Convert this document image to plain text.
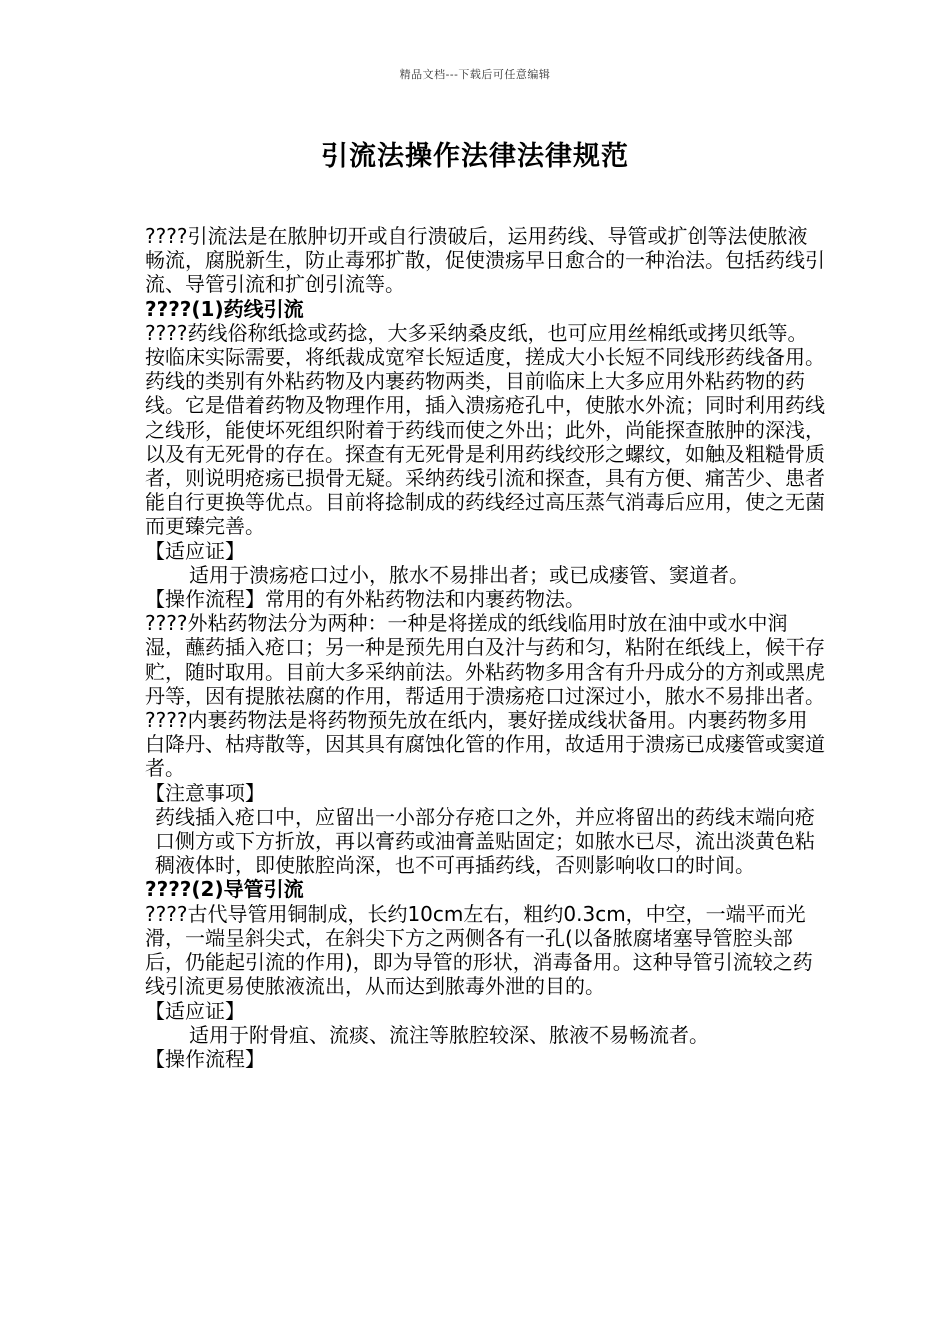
精品文档---下载后可任意编辑
引流法操作法律法律规范

????引流法是在脓肿切开或自行溃破后，运用药线、导管或扩创等法使脓液畅流，腐脱新生，防止毒邪扩散，促使溃疡早日愈合的一种治法。包括药线引流、导管引流和扩创引流等。

????(1)药线引流

????药线俗称纸捻或药捻，大多采纳桑皮纸，也可应用丝棉纸或拷贝纸等。按临床实际需要，将纸裁成宽窄长短适度，搓成大小长短不同线形药线备用。药线的类别有外粘药物及内裹药物两类，目前临床上大多应用外粘药物的药线。它是借着药物及物理作用，插入溃疡疮孔中，使脓水外流；同时利用药线之线形，能使坏死组织附着于药线而使之外出；此外，尚能探查脓肿的深浅，以及有无死骨的存在。探查有无死骨是利用药线绞形之螺纹，如触及粗糙骨质者，则说明疮疡已损骨无疑。采纳药线引流和探查，具有方便、痛苦少、患者能自行更换等优点。目前将捻制成的药线经过高压蒸气消毒后应用，使之无菌而更臻完善。

【适应证】

适用于溃疡疮口过小，脓水不易排出者；或已成瘘管、窦道者。

【操作流程】常用的有外粘药物法和内裹药物法。

????外粘药物法分为两种：一种是将搓成的纸线临用时放在油中或水中润湿，蘸药插入疮口；另一种是预先用白及汁与药和匀，粘附在纸线上，候干存贮，随时取用。目前大多采纳前法。外粘药物多用含有升丹成分的方剂或黑虎丹等，因有提脓祛腐的作用，帮适用于溃疡疮口过深过小，脓水不易排出者。

????内裹药物法是将药物预先放在纸内，裹好搓成线状备用。内裹药物多用白降丹、枯痔散等，因其具有腐蚀化管的作用，故适用于溃疡已成瘘管或窦道者。

【注意事项】

药线插入疮口中，应留出一小部分存疮口之外，并应将留出的药线末端向疮口侧方或下方折放，再以膏药或油膏盖贴固定；如脓水已尽，流出淡黄色粘稠液体时，即使脓腔尚深，也不可再插药线，否则影响收口的时间。

????(2)导管引流

????古代导管用铜制成，长约10cm左右，粗约0.3cm，中空，一端平而光滑，一端呈斜尖式，在斜尖下方之两侧各有一孔(以备脓腐堵塞导管腔头部后，仍能起引流的作用)，即为导管的形状，消毒备用。这种导管引流较之药线引流更易使脓液流出，从而达到脓毒外泄的目的。

【适应证】

适用于附骨疽、流痰、流注等脓腔较深、脓液不易畅流者。

【操作流程】
